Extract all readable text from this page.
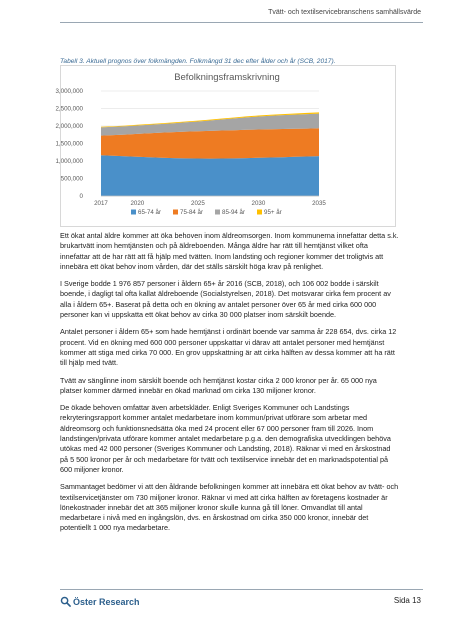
Tvätt- och textilservicebranschens samhällsvärde
Tabell 3. Aktuell prognos över folkmängden. Folkmängd 31 dec efter ålder och år (SCB, 2017).
Befolkningsframskrivning
0
500,000
1,000,000
1,500,000
2,000,000
2,500,000
3,000,000
2017	2020	2025	2030	2035
65-74 år	75-84 år	85-94 år	95+ år

Ett ökat antal äldre kommer att öka behoven inom äldreomsorgen. Inom kommunerna innefattar detta s.k. brukartvätt inom hemtjänsten och på äldreboenden. Många äldre har rätt till hemtjänst vilket ofta innefattar att de har rätt att få hjälp med tvätten. Inom landsting och regioner kommer det troligtvis att innebära ett ökat behov inom vården, där det ställs särskilt höga krav på renlighet.

I Sverige bodde 1 976 857 personer i åldern 65+ år 2016 (SCB, 2018), och 106 002 bodde i särskilt boende, i dagligt tal ofta kallat äldreboende (Socialstyrelsen, 2018). Det motsvarar cirka fem procent av alla i åldern 65+. Baserat på detta och en ökning av antalet personer över 65 år med cirka 600 000 personer kan vi uppskatta ett ökat behov av cirka 30 000 platser inom särskilt boende.

Antalet personer i åldern 65+ som hade hemtjänst i ordinärt boende var samma år 228 654, dvs. cirka 12 procent. Vid en ökning med 600 000 personer uppskattar vi därav att antalet personer med hemtjänst kommer att stiga med cirka 70 000. En grov uppskattning är att cirka hälften av dessa kommer att ha rätt till hjälp med tvätt.

Tvätt av sänglinne inom särskilt boende och hemtjänst kostar cirka 2 000 kronor per år. 65 000 nya platser kommer därmed innebär en ökad marknad om cirka 130 miljoner kronor.

De ökade behoven omfattar även arbetskläder. Enligt Sveriges Kommuner och Landstings rekryteringsrapport kommer antalet medarbetare inom kommun/privat utförare som arbetar med äldreomsorg och funktionsnedsätta öka med 24 procent eller 67 000 personer fram till 2026. Inom landstingen/privata utförare kommer antalet medarbetare p.g.a. den demografiska utvecklingen behöva utökas med 42 000 personer (Sveriges Kommuner och Landsting, 2018). Räknar vi med en årskostnad på 5 500 kronor per år och medarbetare för tvätt och textilservice innebär det en marknadspotential på 600 miljoner kronor.

Sammantaget bedömer vi att den åldrande befolkningen kommer att innebära ett ökat behov av tvätt- och textilservicetjänster om 730 miljoner kronor. Räknar vi med att cirka hälften av företagens kostnader är lönekostnader innebär det att 365 miljoner kronor skulle kunna gå till löner. Omvandlat till antal medarbetare i nivå med en ingångslön, dvs. en årskostnad om cirka 350 000 kronor, innebär det potentiellt 1 000 nya medarbetare.

Öster Research	Sida 13
